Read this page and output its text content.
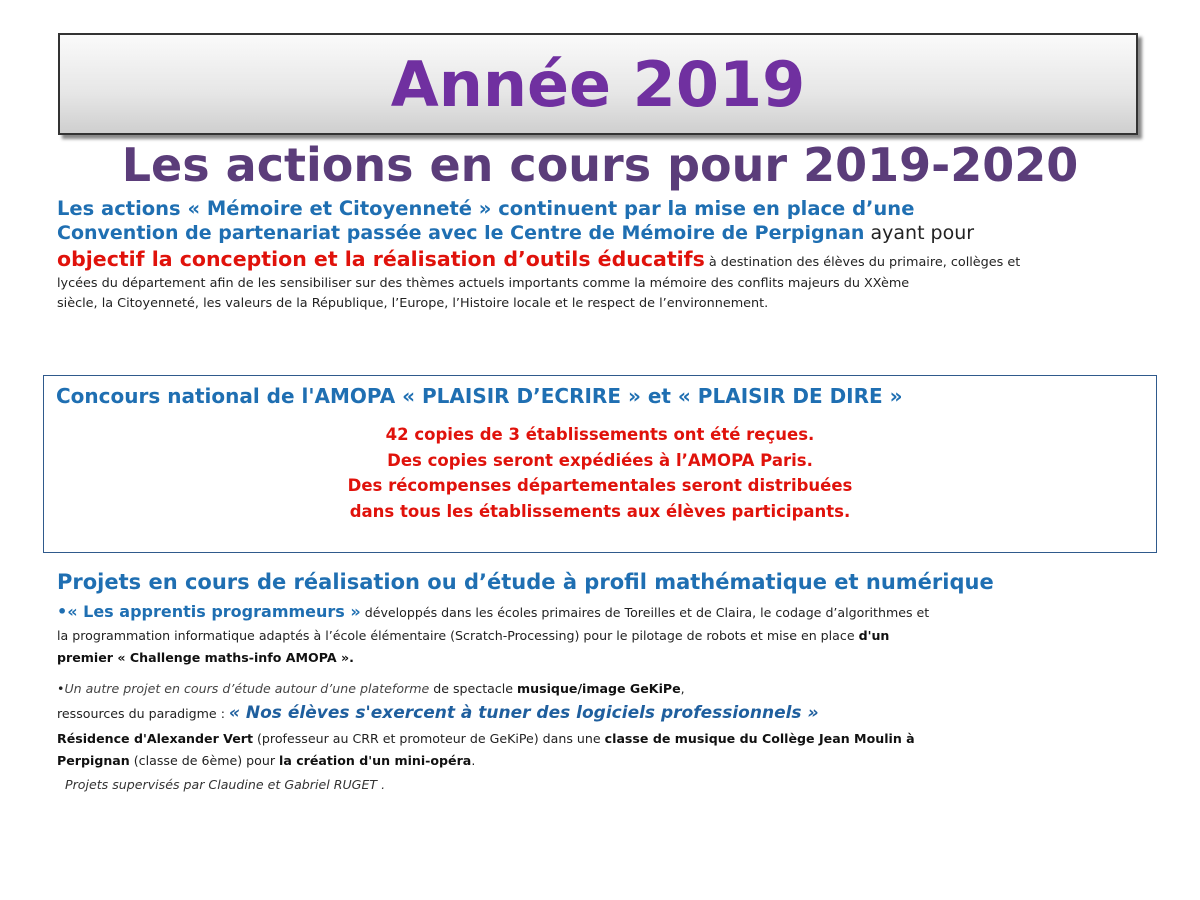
Année 2019
Les actions en cours pour 2019-2020
Les actions « Mémoire et Citoyenneté » continuent par la mise en place d’une
Convention de partenariat passée avec le Centre de Mémoire de Perpignan ayant pour
objectif la conception et la réalisation d’outils éducatifs à destination des élèves du primaire, collèges et
lycées du département afin de les sensibiliser sur des thèmes actuels importants comme la mémoire des conflits majeurs du XXème
siècle, la Citoyenneté, les valeurs de la République, l’Europe, l’Histoire locale et le respect de l’environnement.
Concours national de l'AMOPA « PLAISIR D’ECRIRE » et « PLAISIR DE DIRE »
42 copies de 3 établissements ont été reçues.
Des copies seront expédiées à l’AMOPA Paris.
Des récompenses départementales seront distribuées
dans tous les établissements aux élèves participants.
Projets en cours de réalisation ou d’étude à profil mathématique et numérique
•« Les apprentis programmeurs » développés dans les écoles primaires de Toreilles et de Claira, le codage d’algorithmes et
la programmation informatique adaptés à l’école élémentaire (Scratch-Processing) pour le pilotage de robots et mise en place d'un
premier « Challenge maths-info AMOPA ».
•Un autre projet en cours d’étude autour d’une plateforme de spectacle musique/image GeKiPe,
ressources du paradigme : « Nos élèves s'exercent à tuner des logiciels professionnels »
Résidence d'Alexander Vert (professeur au CRR et promoteur de GeKiPe) dans une classe de musique du Collège Jean Moulin à
Perpignan (classe de 6ème) pour la création d'un mini-opéra.
Projets supervisés par Claudine et Gabriel RUGET .
